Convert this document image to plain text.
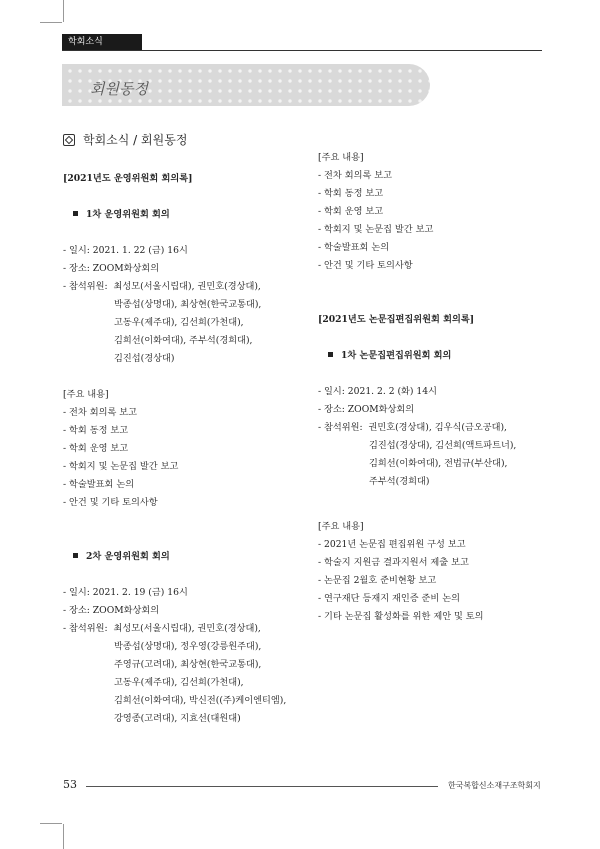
학회소식
회원동정
학회소식 / 회원동정
[2021년도 운영위원회 회의록]
1차 운영위원회 회의
- 일시: 2021. 1. 22 (금) 16시
- 장소: ZOOM화상회의
- 참석위원: 최성모(서울시립대), 권민호(경상대),
박종섭(상명대), 최상현(한국교통대),
고동우(제주대), 김선희(가천대),
김희선(이화여대), 주부석(경희대),
김진섭(경상대)
[주요 내용]
- 전차 회의록 보고
- 학회 동정 보고
- 학회 운영 보고
- 학회지 및 논문집 발간 보고
- 학술발표회 논의
- 안건 및 기타 토의사항
2차 운영위원회 회의
- 일시: 2021. 2. 19 (금) 16시
- 장소: ZOOM화상회의
- 참석위원: 최성모(서울시립대), 권민호(경상대),
박종섭(상명대), 정우영(강릉원주대),
주영규(고려대), 최상현(한국교통대),
고동우(제주대), 김선희(가천대),
김희선(이화여대), 박신전((주)케이엔티엠),
강영종(고려대), 지효선(대원대)
[주요 내용]
- 전차 회의록 보고
- 학회 동정 보고
- 학회 운영 보고
- 학회지 및 논문집 발간 보고
- 학술발표회 논의
- 안건 및 기타 토의사항
[2021년도 논문집편집위원회 회의록]
1차 논문집편집위원회 회의
- 일시: 2021. 2. 2 (화) 14시
- 장소: ZOOM화상회의
- 참석위원: 권민호(경상대), 김우식(금오공대),
김진섭(경상대), 김선희(액트파트너),
김희선(이화여대), 전법규(부산대),
주부석(경희대)
[주요 내용]
- 2021년 논문집 편집위원 구성 보고
- 학술지 지원금 결과지원서 제출 보고
- 논문집 2월호 준비현황 보고
- 연구재단 등재지 재인증 준비 논의
- 기타 논문집 활성화를 위한 제안 및 토의
53	한국복합신소재구조학회지
